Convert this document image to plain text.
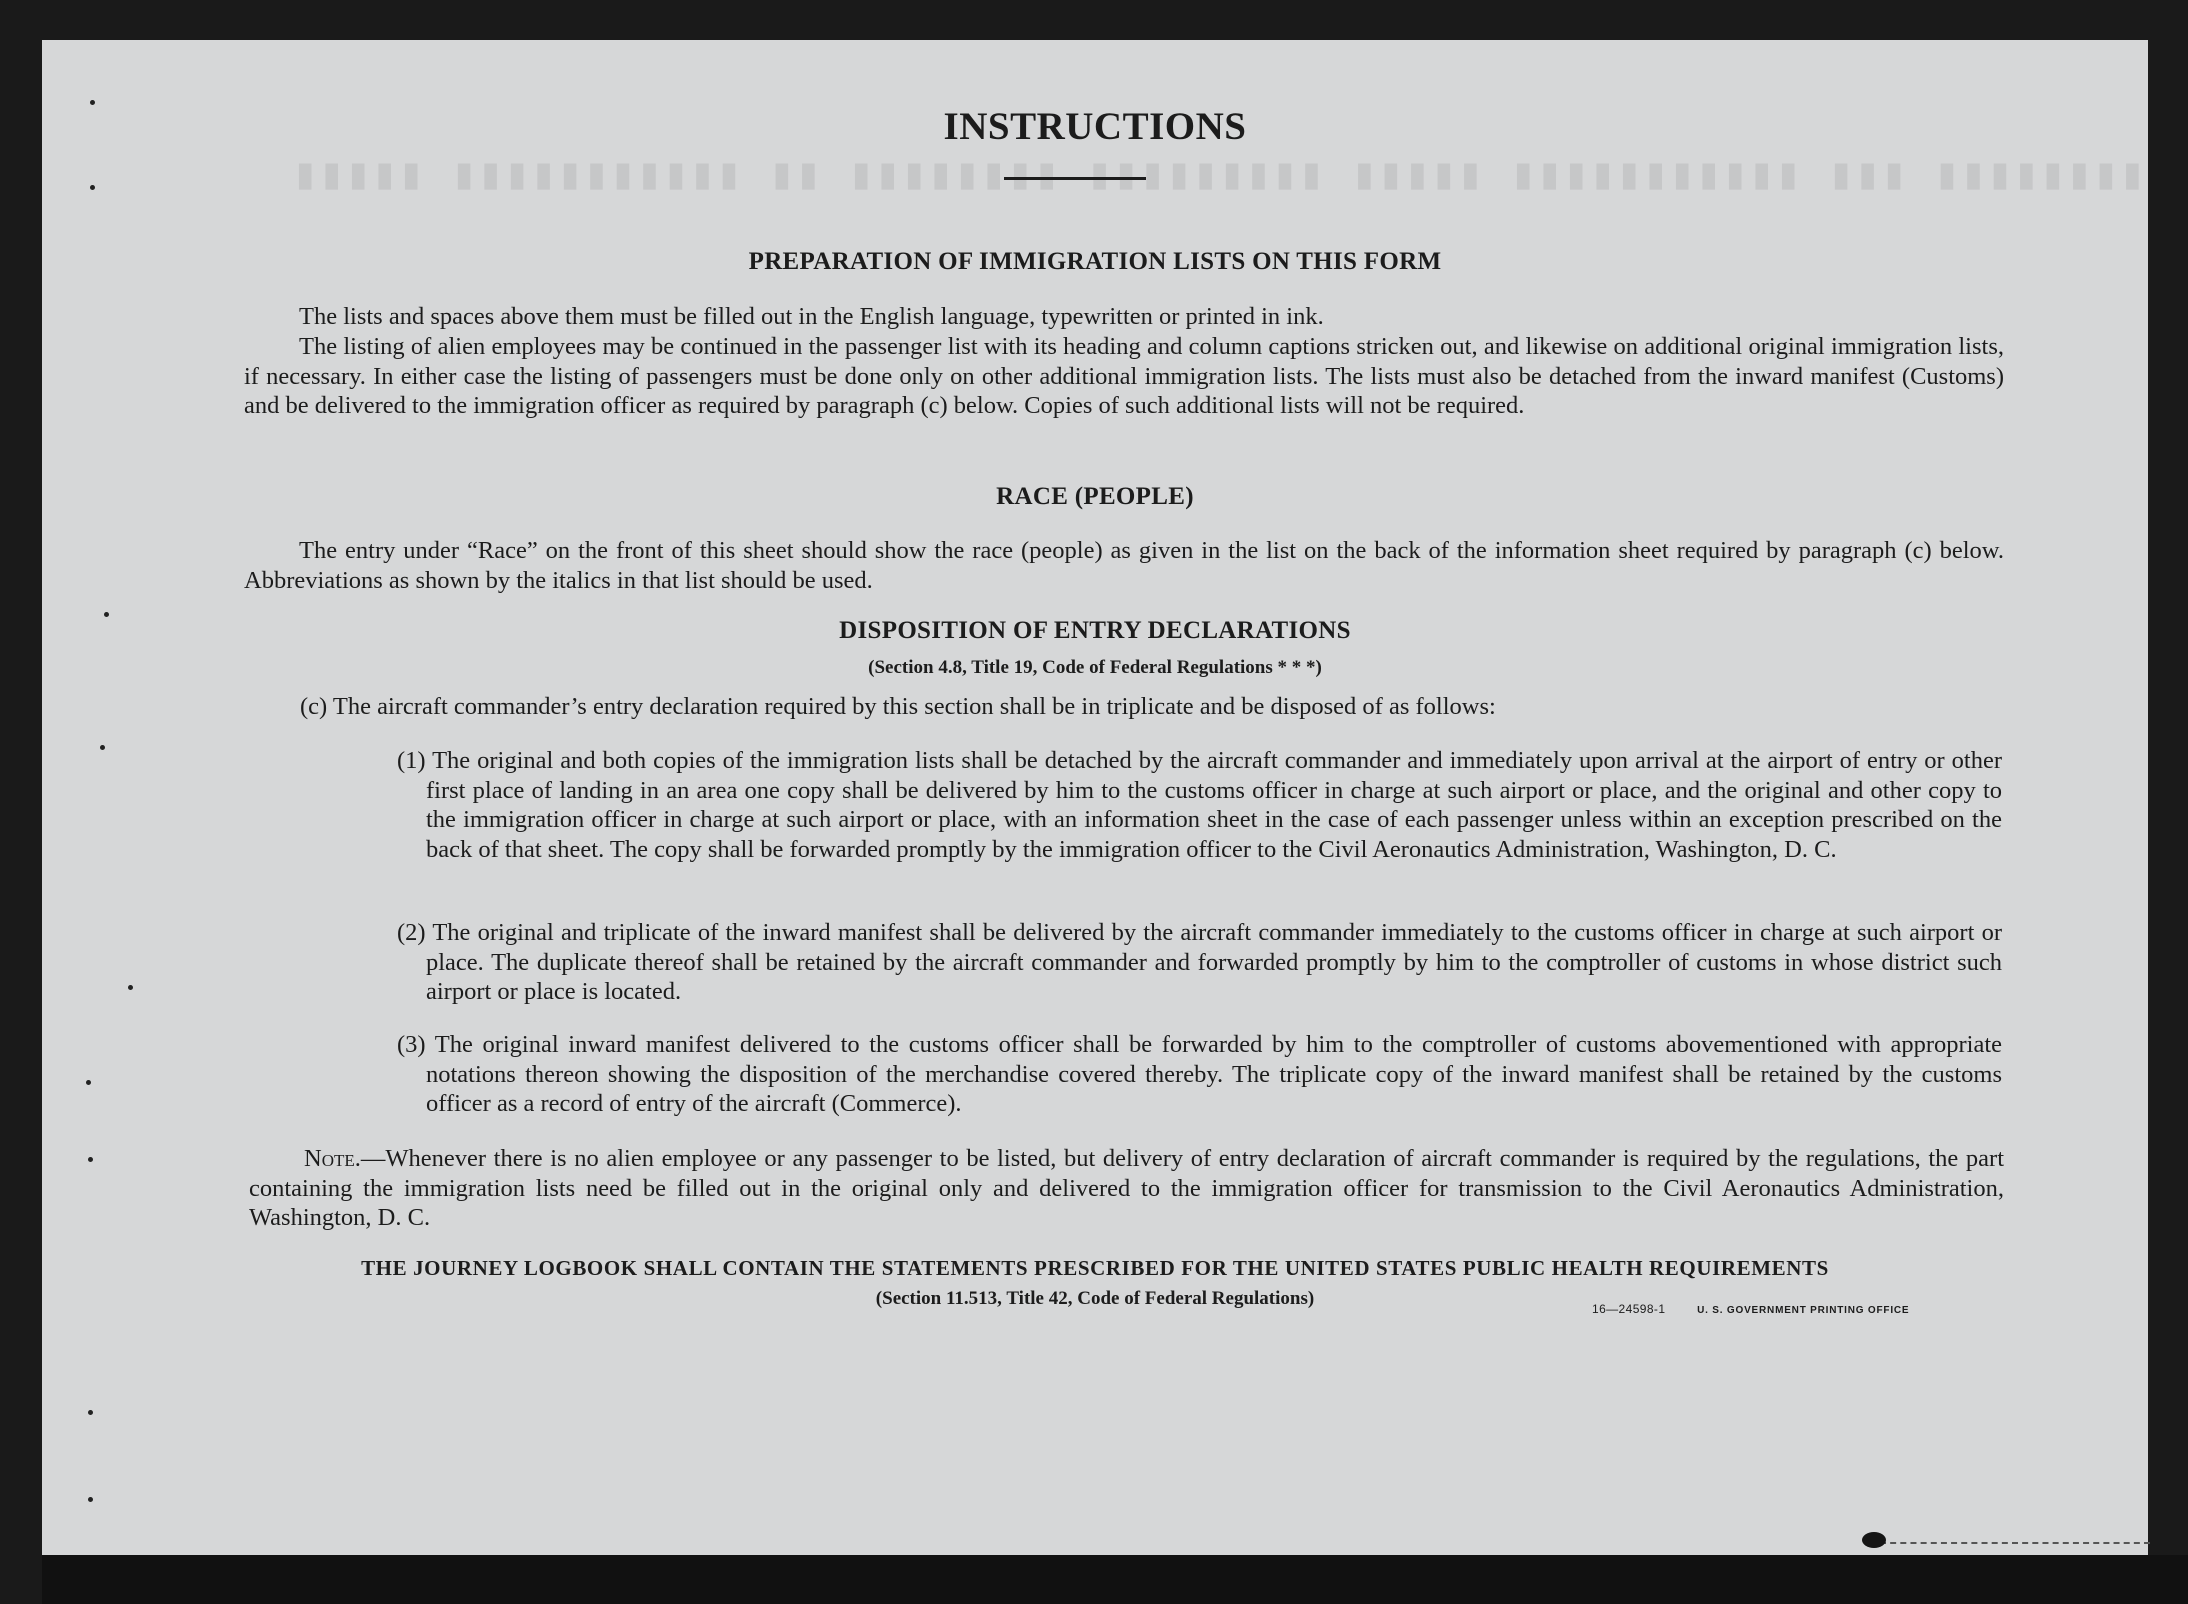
▮▮▮▮▮ ▮▮▮▮▮▮▮▮▮▮▮ ▮▮ ▮▮▮▮▮▮▮▮ ▮▮▮▮▮▮▮▮▮ ▮▮▮▮▮ ▮▮▮▮▮▮▮▮▮▮▮ ▮▮▮ ▮▮▮▮▮▮▮▮
INSTRUCTIONS
PREPARATION OF IMMIGRATION LISTS ON THIS FORM
The lists and spaces above them must be filled out in the English language, typewritten or printed in ink.
The listing of alien employees may be continued in the passenger list with its heading and column captions stricken out, and likewise on additional original immigration lists, if necessary. In either case the listing of passengers must be done only on other additional immigration lists. The lists must also be detached from the inward manifest (Customs) and be delivered to the immigration officer as required by paragraph (c) below. Copies of such additional lists will not be required.
RACE (PEOPLE)
The entry under “Race” on the front of this sheet should show the race (people) as given in the list on the back of the information sheet required by paragraph (c) below. Abbreviations as shown by the italics in that list should be used.
DISPOSITION OF ENTRY DECLARATIONS
(Section 4.8, Title 19, Code of Federal Regulations * * *)
(c) The aircraft commander’s entry declaration required by this section shall be in triplicate and be disposed of as follows:
(1) The original and both copies of the immigration lists shall be detached by the aircraft commander and immediately upon arrival at the airport of entry or other first place of landing in an area one copy shall be delivered by him to the customs officer in charge at such airport or place, and the original and other copy to the immigration officer in charge at such airport or place, with an information sheet in the case of each passenger unless within an exception prescribed on the back of that sheet. The copy shall be forwarded promptly by the immigration officer to the Civil Aeronautics Administration, Washington, D. C.
(2) The original and triplicate of the inward manifest shall be delivered by the aircraft commander immediately to the customs officer in charge at such airport or place. The duplicate thereof shall be retained by the aircraft commander and forwarded promptly by him to the comptroller of customs in whose district such airport or place is located.
(3) The original inward manifest delivered to the customs officer shall be forwarded by him to the comptroller of customs abovementioned with appropriate notations thereon showing the disposition of the merchandise covered thereby. The triplicate copy of the inward manifest shall be retained by the customs officer as a record of entry of the aircraft (Commerce).
Note.—Whenever there is no alien employee or any passenger to be listed, but delivery of entry declaration of aircraft commander is required by the regulations, the part containing the immigration lists need be filled out in the original only and delivered to the immigration officer for transmission to the Civil Aeronautics Administration, Washington, D. C.
THE JOURNEY LOGBOOK SHALL CONTAIN THE STATEMENTS PRESCRIBED FOR THE UNITED STATES PUBLIC HEALTH REQUIREMENTS
(Section 11.513, Title 42, Code of Federal Regulations)	16—24598-1	U. S. GOVERNMENT PRINTING OFFICE
